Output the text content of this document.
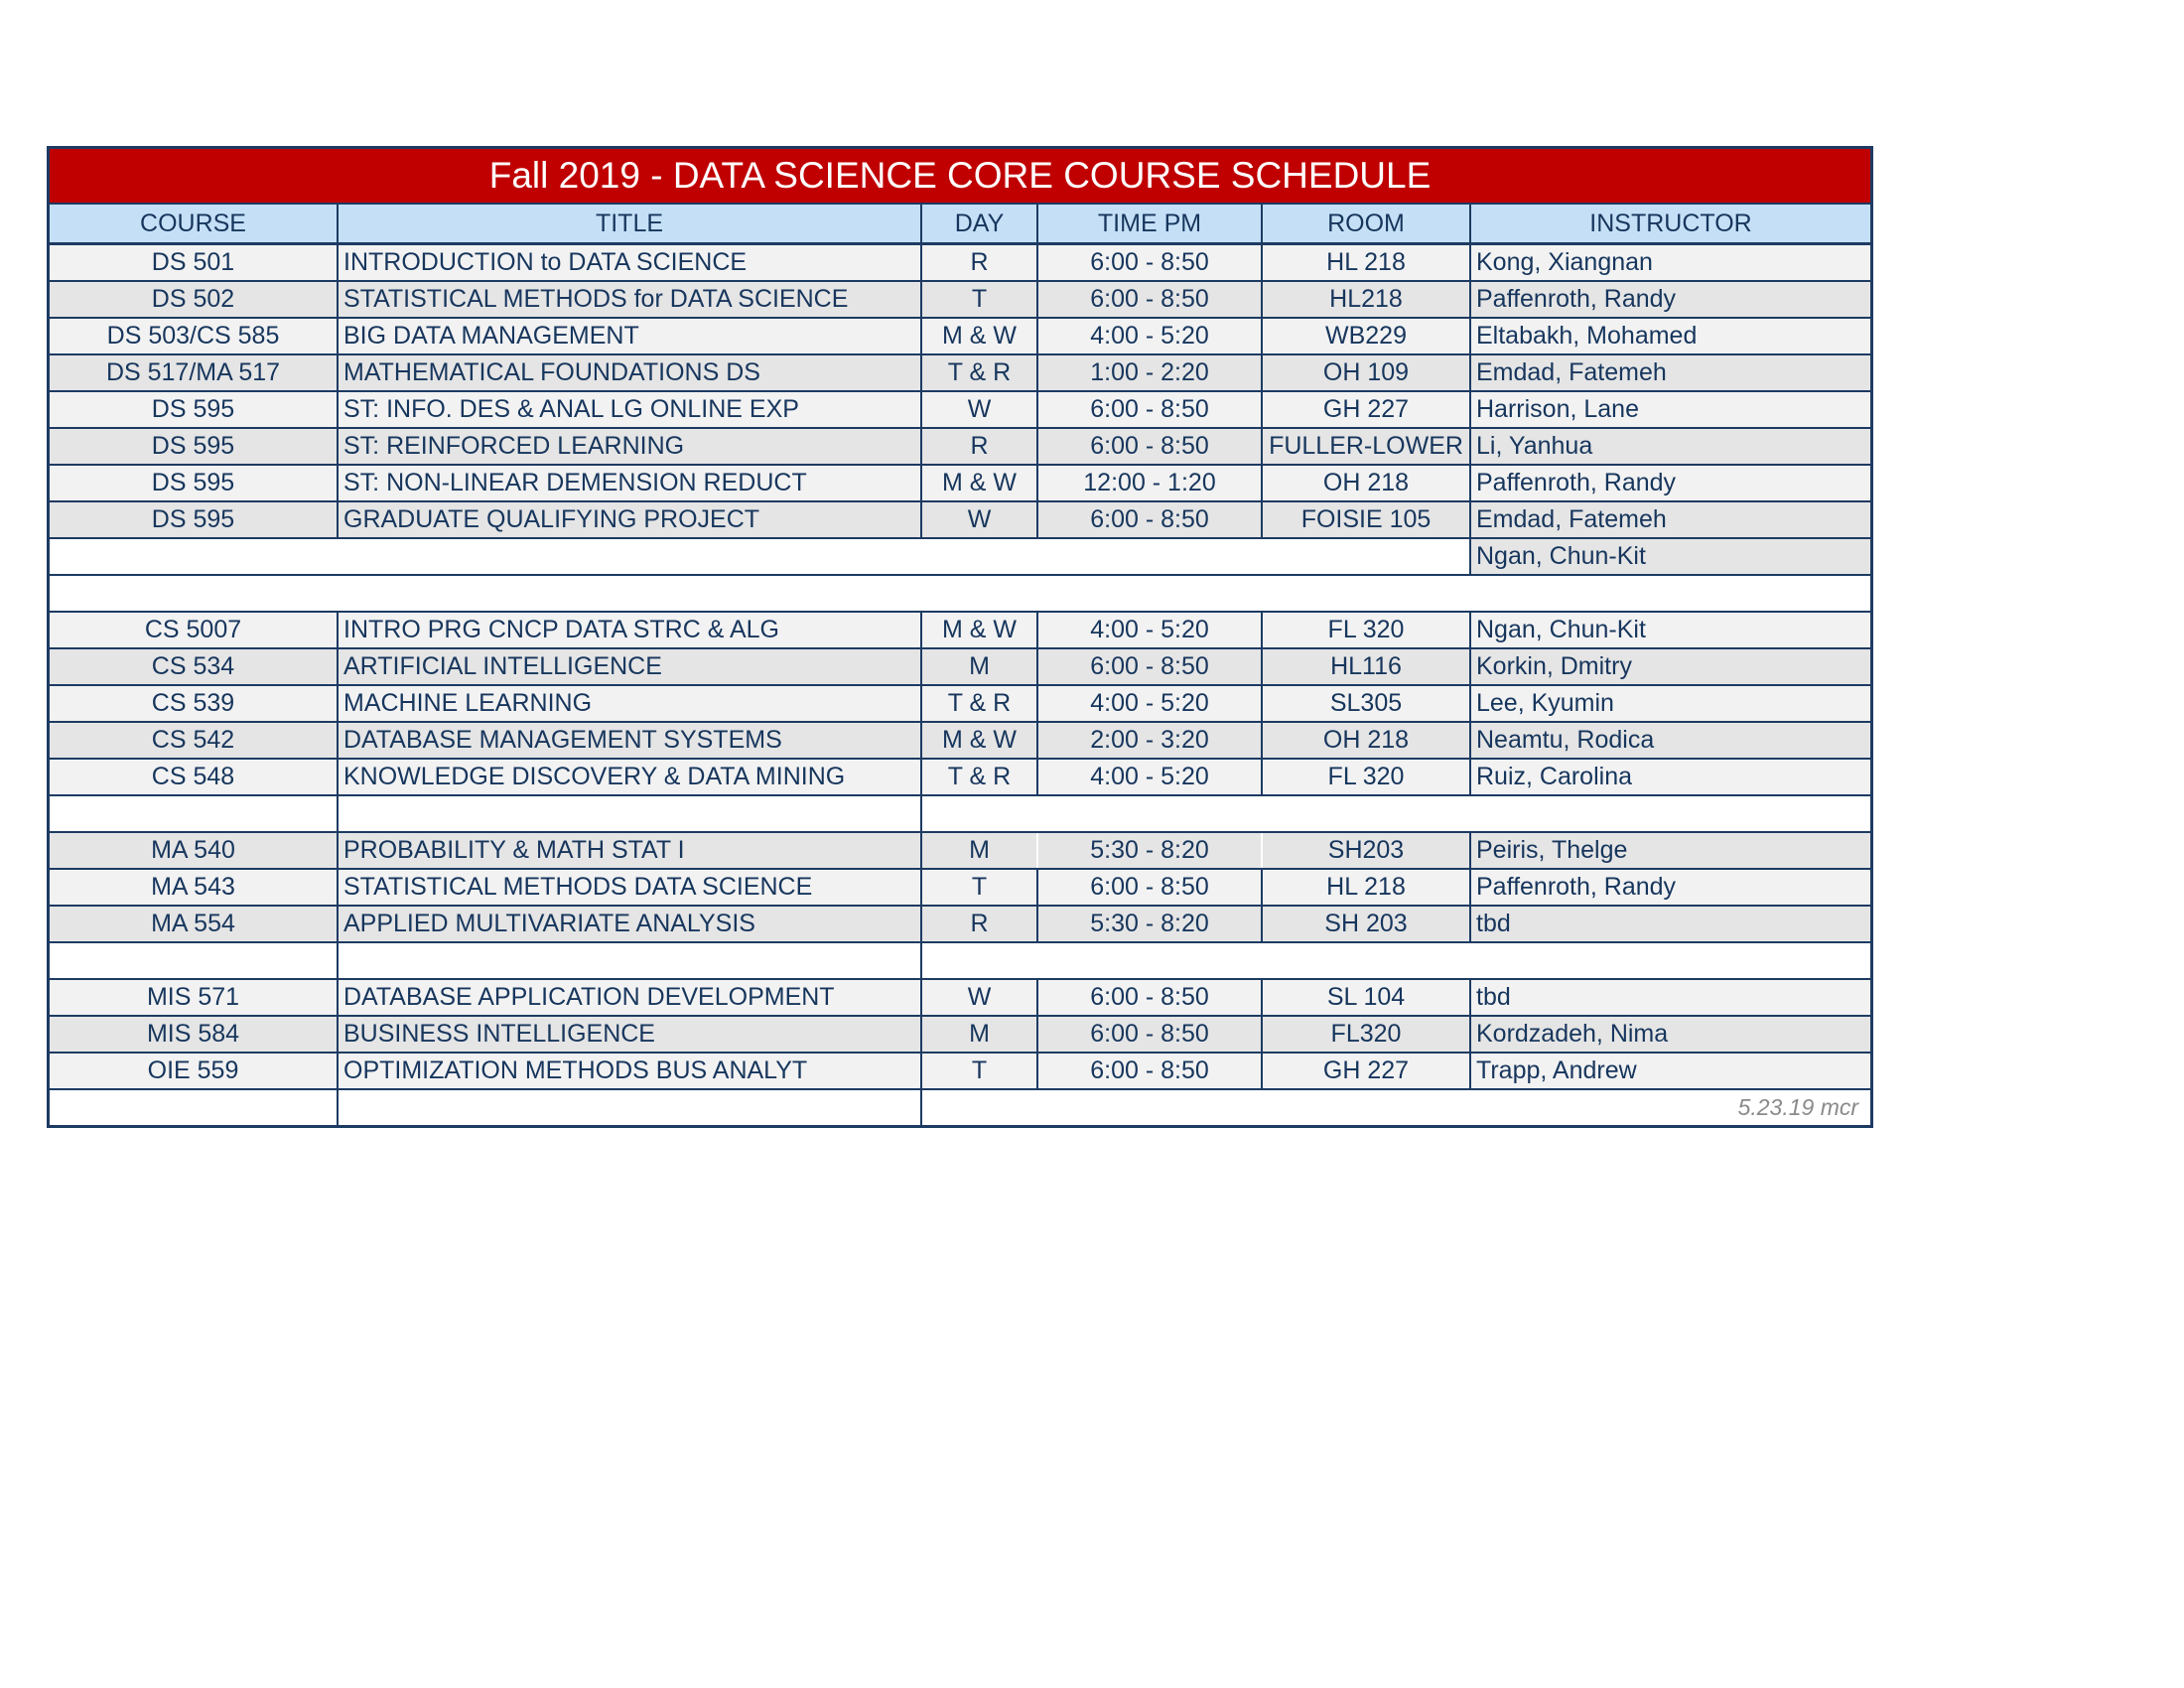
Fall 2019 - DATA SCIENCE CORE COURSE SCHEDULE					
COURSE	TITLE	DAY	TIME PM	ROOM	INSTRUCTOR
DS 501	INTRODUCTION to DATA SCIENCE	R	6:00 - 8:50	HL 218	Kong, Xiangnan
DS 502	STATISTICAL METHODS for DATA SCIENCE	T	6:00 - 8:50	HL218	Paffenroth, Randy
DS 503/CS 585	BIG DATA MANAGEMENT	M & W	4:00 - 5:20	WB229	Eltabakh, Mohamed
DS 517/MA 517	MATHEMATICAL FOUNDATIONS DS	T & R	1:00 - 2:20	OH 109	Emdad, Fatemeh
DS 595	ST: INFO. DES & ANAL LG ONLINE EXP	W	6:00 - 8:50	GH 227	Harrison, Lane
DS 595	ST: REINFORCED LEARNING	R	6:00 - 8:50	FULLER-LOWER	Li, Yanhua
DS 595	ST: NON-LINEAR DEMENSION REDUCT	M & W	12:00 - 1:20	OH 218	Paffenroth, Randy
DS 595	GRADUATE QUALIFYING PROJECT	W	6:00 - 8:50	FOISIE 105	Emdad, Fatemeh
					Ngan, Chun-Kit

CS 5007	INTRO PRG CNCP DATA STRC & ALG	M & W	4:00 - 5:20	FL 320	Ngan, Chun-Kit
CS 534	ARTIFICIAL INTELLIGENCE	M	6:00 - 8:50	HL116	Korkin, Dmitry
CS 539	MACHINE LEARNING	T & R	4:00 - 5:20	SL305	Lee, Kyumin
CS 542	DATABASE MANAGEMENT SYSTEMS	M & W	2:00 - 3:20	OH 218	Neamtu, Rodica
CS 548	KNOWLEDGE DISCOVERY & DATA MINING	T & R	4:00 - 5:20	FL 320	Ruiz, Carolina

MA 540	PROBABILITY & MATH STAT I	M	5:30 - 8:20	SH203	Peiris, Thelge
MA 543	STATISTICAL METHODS DATA SCIENCE	T	6:00 - 8:50	HL 218	Paffenroth, Randy
MA 554	APPLIED MULTIVARIATE ANALYSIS	R	5:30 - 8:20	SH 203	tbd

MIS 571	DATABASE APPLICATION DEVELOPMENT	W	6:00 - 8:50	SL 104	tbd
MIS 584	BUSINESS INTELLIGENCE	M	6:00 - 8:50	FL320	Kordzadeh, Nima
OIE 559	OPTIMIZATION METHODS BUS ANALYT	T	6:00 - 8:50	GH 227	Trapp, Andrew
		5.23.19 mcr			
